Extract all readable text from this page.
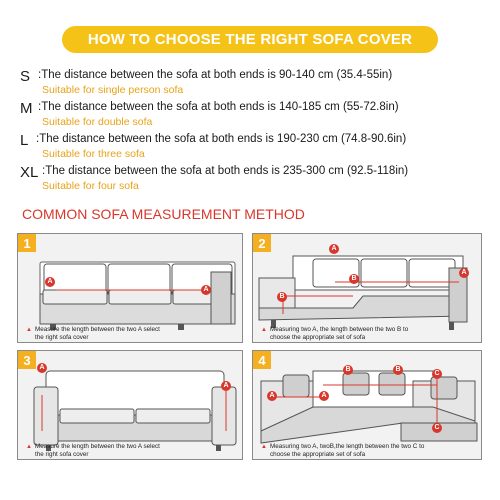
HOW TO CHOOSE THE RIGHT SOFA COVER
S :The distance between the sofa at both ends is 90-140 cm (35.4-55in)
Suitable for single person sofa
M :The distance between the sofa at both ends is 140-185 cm (55-72.8in)
Suitable for double sofa
L :The distance between the sofa at both ends is 190-230 cm (74.8-90.6in)
Suitable for three sofa
XL :The distance between the sofa at both ends is 235-300 cm (92.5-118in)
Suitable for four sofa
COMMON SOFA MEASUREMENT METHOD
A
A
1
▲ Measure the length between the two A select the right sofa cover
A
A
B
B
2
▲ Measuring two A, the length between the two B to choose the appropriate set of sofa
A
A
3
▲ Measure the length between the two A select the right sofa cover
A	A
B	B
C
C
4
▲ Measuring two A, twoB,the length between the two C to choose the appropriate set of sofa
